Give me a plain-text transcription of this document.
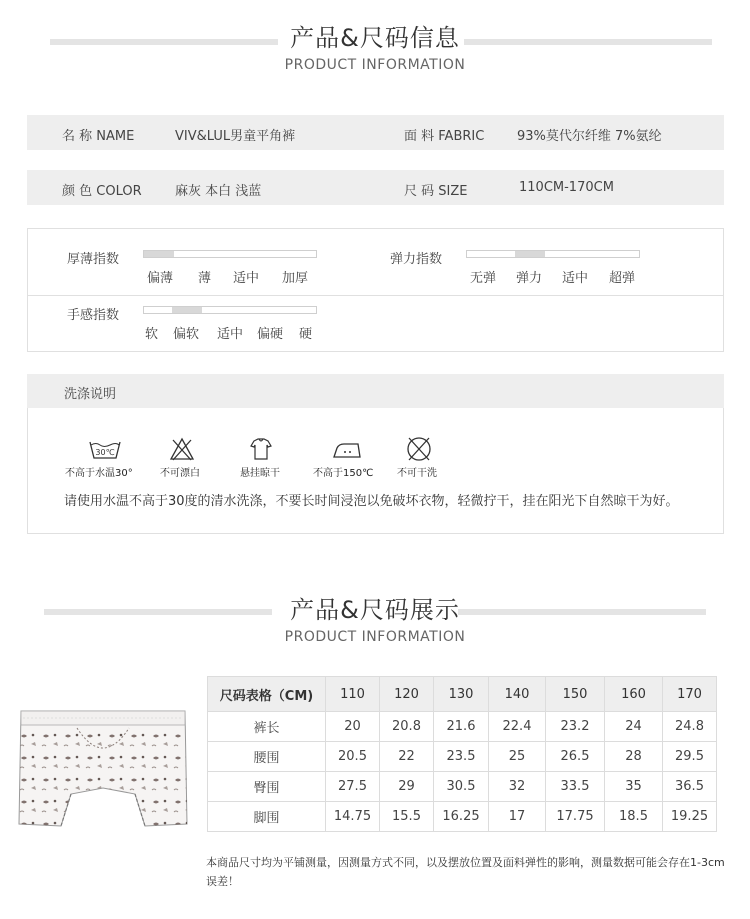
产品&尺码信息
PRODUCT INFORMATION
名 称 NAME	VIV&LUL男童平角裤	面 料 FABRIC	93%莫代尔纤维 7%氨纶
颜 色 COLOR	麻灰 本白 浅蓝	尺 码 SIZE	110CM-170CM
厚薄指数
偏薄 薄 适中 加厚
弹力指数
无弹 弹力 适中 超弹
手感指数
软 偏软 适中 偏硬 硬
洗涤说明
30℃
不高于水温30°	不可漂白	悬挂晾干	不高于150℃ 不可干洗
请使用水温不高于30度的清水洗涤，不要长时间浸泡以免破坏衣物，轻微拧干，挂在阳光下自然晾干为好。
产品&尺码展示
PRODUCT INFORMATION
尺码表格（CM)	110	120	130	140	150	160	170
裤长	20	20.8	21.6	22.4	23.2	24	24.8
腰围	20.5	22	23.5	25	26.5	28	29.5
臀围	27.5	29	30.5	32	33.5	35	36.5
脚围	14.75	15.5	16.25	17	17.75	18.5	19.25
本商品尺寸均为平铺测量，因测量方式不同，以及摆放位置及面料弹性的影响，测量数据可能会存在1-3cm误差！
